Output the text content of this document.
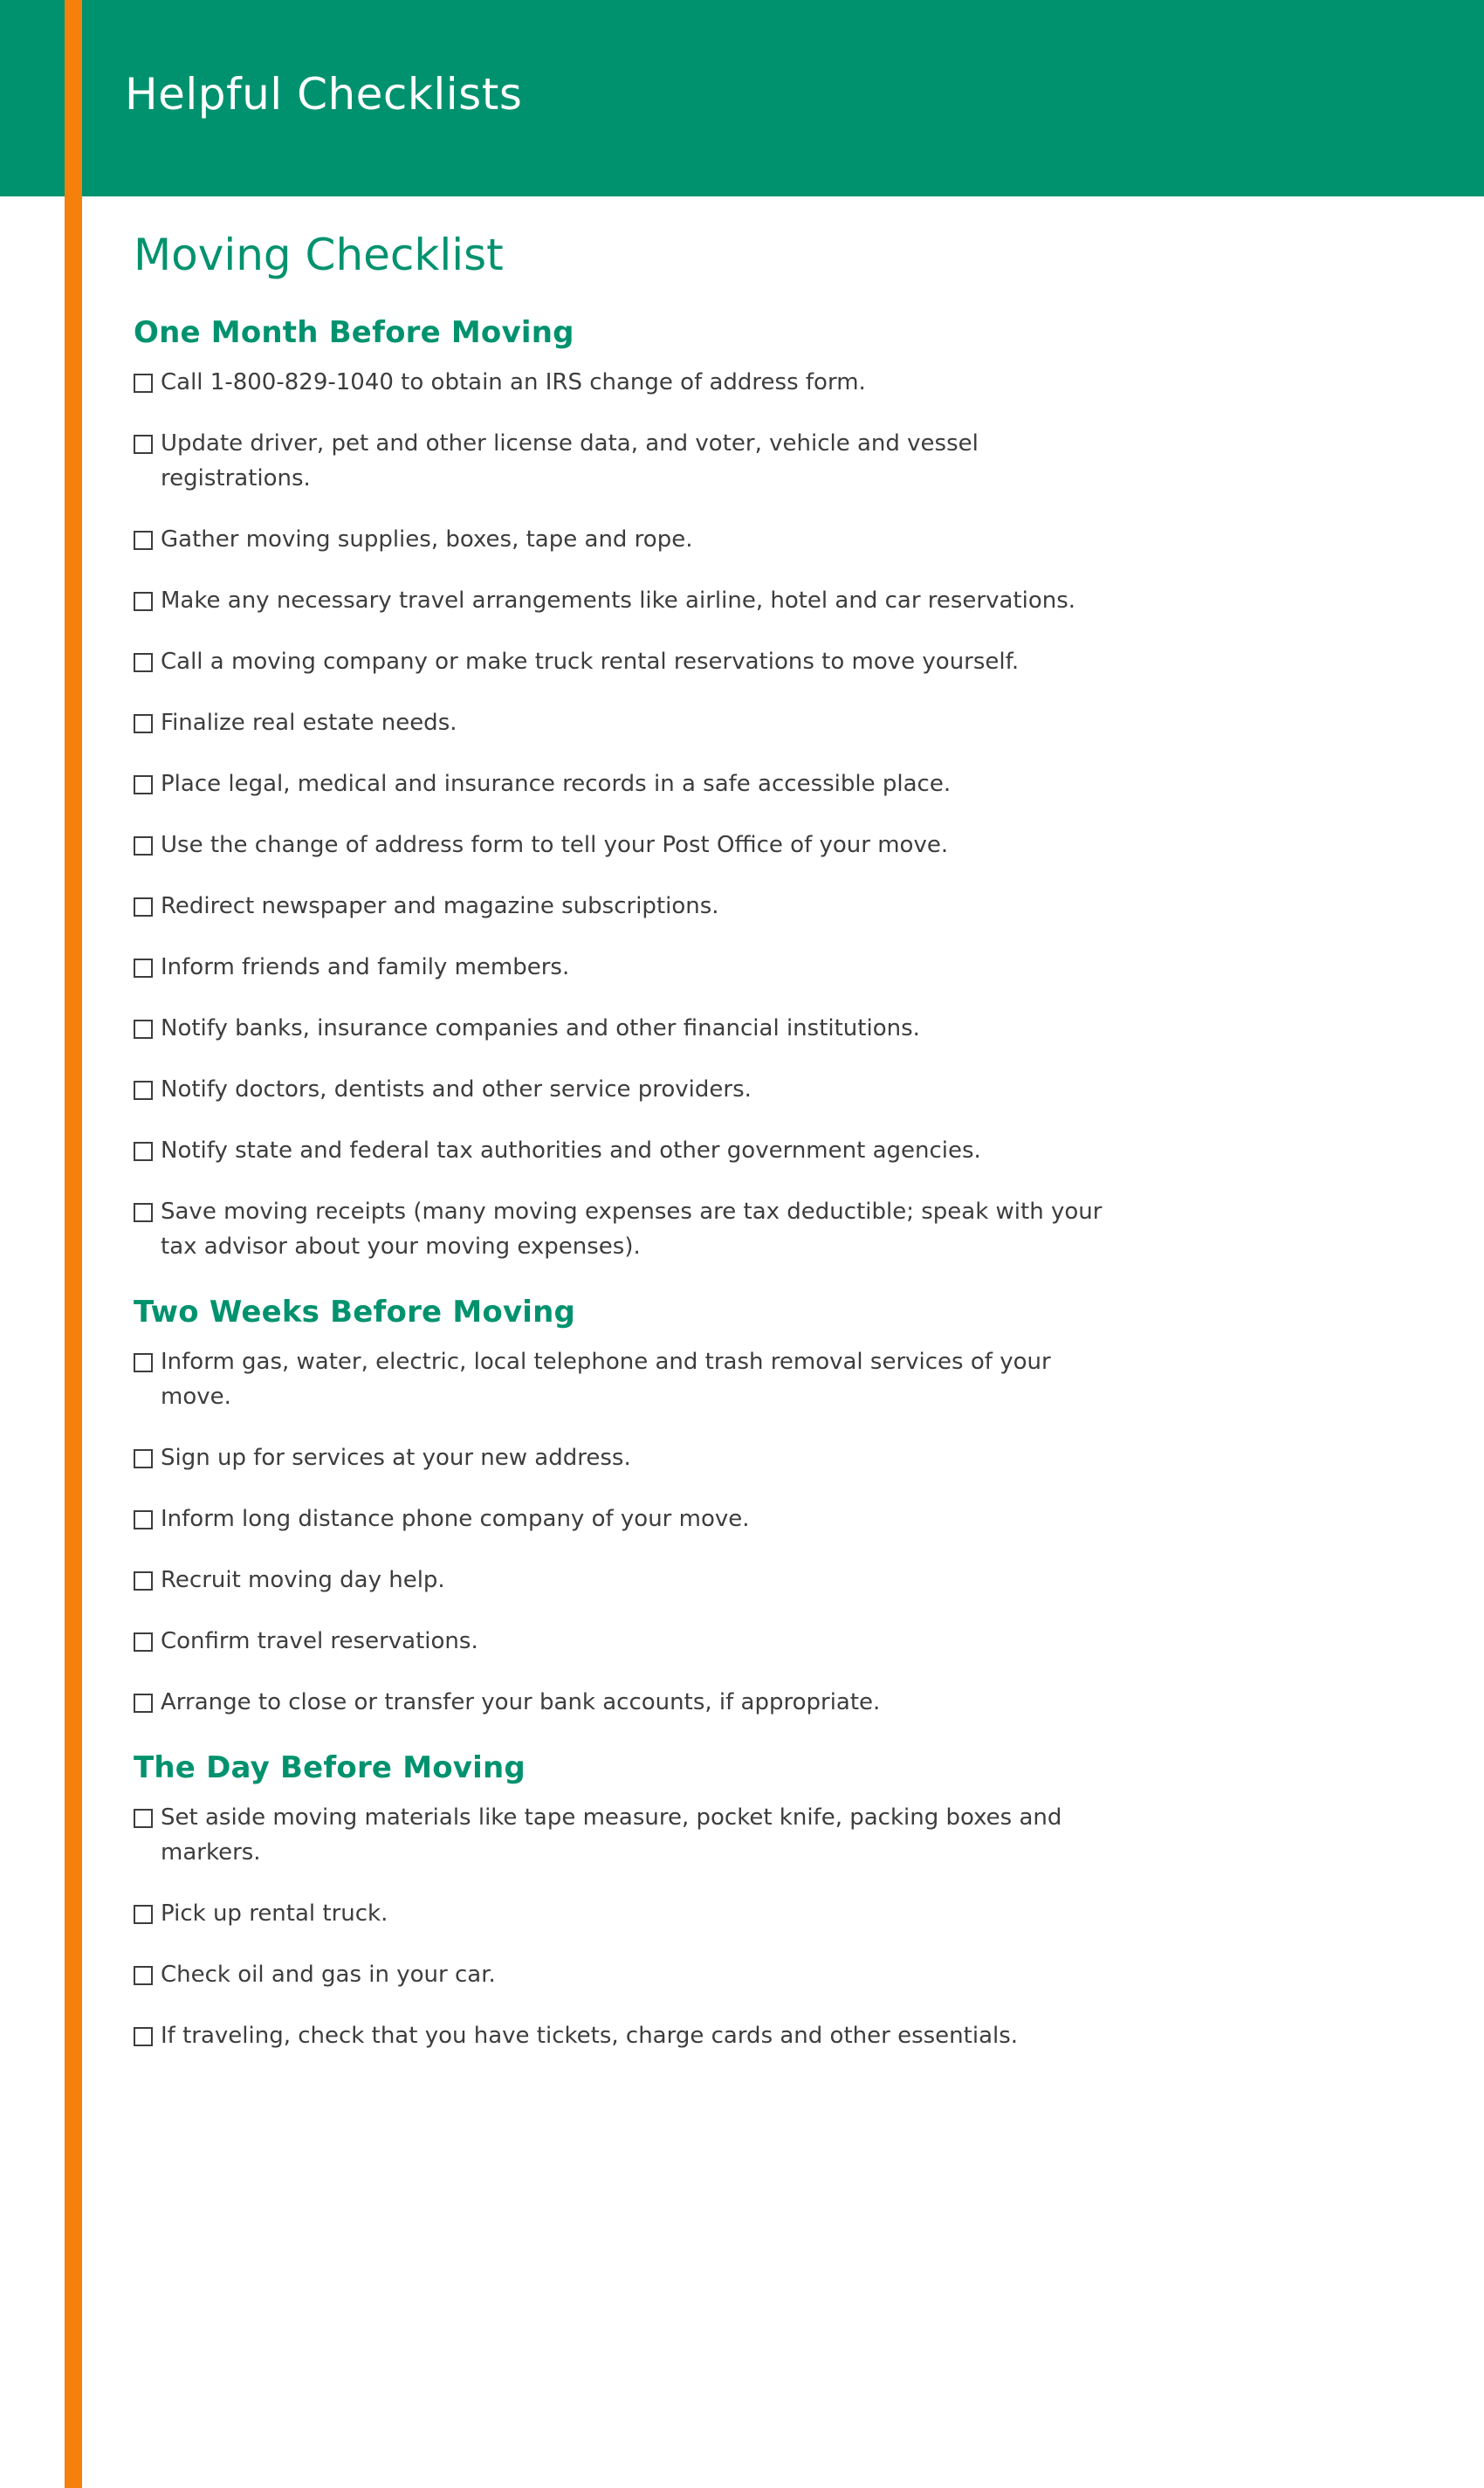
Helpful Checklists
Moving Checklist
One Month Before Moving
Call 1-800-829-1040 to obtain an IRS change of address form.
Update driver, pet and other license data, and voter, vehicle and vessel registrations.
Gather moving supplies, boxes, tape and rope.
Make any necessary travel arrangements like airline, hotel and car reservations.
Call a moving company or make truck rental reservations to move yourself.
Finalize real estate needs.
Place legal, medical and insurance records in a safe accessible place.
Use the change of address form to tell your Post Office of your move.
Redirect newspaper and magazine subscriptions.
Inform friends and family members.
Notify banks, insurance companies and other financial institutions.
Notify doctors, dentists and other service providers.
Notify state and federal tax authorities and other government agencies.
Save moving receipts (many moving expenses are tax deductible; speak with your tax advisor about your moving expenses).
Two Weeks Before Moving
Inform gas, water, electric, local telephone and trash removal services of your move.
Sign up for services at your new address.
Inform long distance phone company of your move.
Recruit moving day help.
Confirm travel reservations.
Arrange to close or transfer your bank accounts, if appropriate.
The Day Before Moving
Set aside moving materials like tape measure, pocket knife, packing boxes and markers.
Pick up rental truck.
Check oil and gas in your car.
If traveling, check that you have tickets, charge cards and other essentials.
